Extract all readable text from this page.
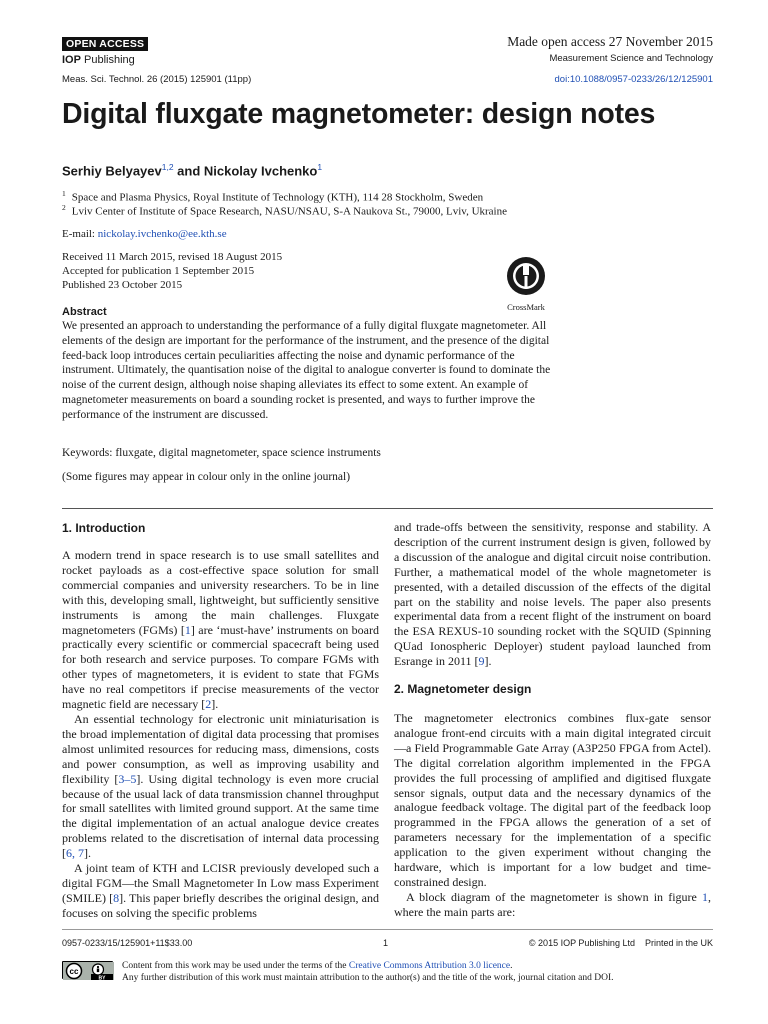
OPEN ACCESS
IOP Publishing
Made open access 27 November 2015
Measurement Science and Technology
Meas. Sci. Technol. 26 (2015) 125901 (11pp)	doi:10.1088/0957-0233/26/12/125901
Digital fluxgate magnetometer: design notes
Serhiy Belyayev$^{1,2}$ and Nickolay Ivchenko$^1$
$^1$ Space and Plasma Physics, Royal Institute of Technology (KTH), 114 28 Stockholm, Sweden
$^2$ Lviv Center of Institute of Space Research, NASU/NSAU, S-A Naukova St., 79000, Lviv, Ukraine
E-mail: nickolay.ivchenko@ee.kth.se
Received 11 March 2015, revised 18 August 2015
Accepted for publication 1 September 2015
Published 23 October 2015
CrossMark
Abstract
We presented an approach to understanding the performance of a fully digital fluxgate magnetometer. All elements of the design are important for the performance of the instrument, and the presence of the digital feed-back loop introduces certain peculiarities affecting the noise and dynamic performance of the instrument. Ultimately, the quantisation noise of the digital to analogue converter is found to dominate the noise of the current design, although noise shaping alleviates its effect to some extent. An example of magnetometer measurements on board a sounding rocket is presented, and ways to further improve the performance of the instrument are discussed.
Keywords: fluxgate, digital magnetometer, space science instruments
(Some figures may appear in colour only in the online journal)
1. Introduction

A modern trend in space research is to use small satellites and rocket payloads as a cost-effective space solution for small commercial companies and university researchers. To be in line with this, developing small, lightweight, but sufficiently sensitive instruments is among the main challenges. Fluxgate magnetometers (FGMs) [1] are ‘must-have’ instruments on board practically every scientific or commercial spacecraft being used for both research and service purposes. To compare FGMs with other types of magnetometers, it is evident to state that FGMs have no real competitors if precise measurements of the vector magnetic field are necessary [2].

An essential technology for electronic unit miniaturisation is the broad implementation of digital data processing that promises almost unlimited resources for reducing mass, dimensions, costs and power consumption, as well as improving usability and flexibility [3–5]. Using digital technology is even more crucial because of the usual lack of data transmission channel throughput for small satellites with limited ground support. At the same time the digital implementation of an actual analogue device creates problems related to the discretisation of internal data processing [6, 7].

A joint team of KTH and LCISR previously developed such a digital FGM—the Small Magnetometer In Low mass Experiment (SMILE) [8]. This paper briefly describes the original design, and focuses on solving the specific problems

and trade-offs between the sensitivity, response and stability. A description of the current instrument design is given, followed by a discussion of the analogue and digital circuit noise contribution. Further, a mathematical model of the whole magnetometer is presented, with a detailed discussion of the effects of the digital part on the stability and noise levels. The paper also presents experimental data from a recent flight of the instrument on board the ESA REXUS-10 sounding rocket with the SQUID (Spinning QUad Ionospheric Deployer) student payload launched from Esrange in 2011 [9].

2. Magnetometer design

The magnetometer electronics combines flux-gate sensor analogue front-end circuits with a main digital integrated circuit—a Field Programmable Gate Array (A3P250 FPGA from Actel). The digital correlation algorithm implemented in the FPGA provides the full processing of amplified and digitised fluxgate sensor signals, output data and the necessary dynamics of the analogue feedback voltage. The digital part of the feedback loop programmed in the FPGA allows the generation of a set of parameters necessary for the implementation of a specific application to the given experiment without changing the hardware, which is important for a low budget and time-constrained design.

A block diagram of the magnetometer is shown in figure 1, where the main parts are:

0957-0233/15/125901+11$33.00	1	© 2015 IOP Publishing Ltd    Printed in the UK
cc
BY
Content from this work may be used under the terms of the Creative Commons Attribution 3.0 licence.
Any further distribution of this work must maintain attribution to the author(s) and the title of the work, journal citation and DOI.
